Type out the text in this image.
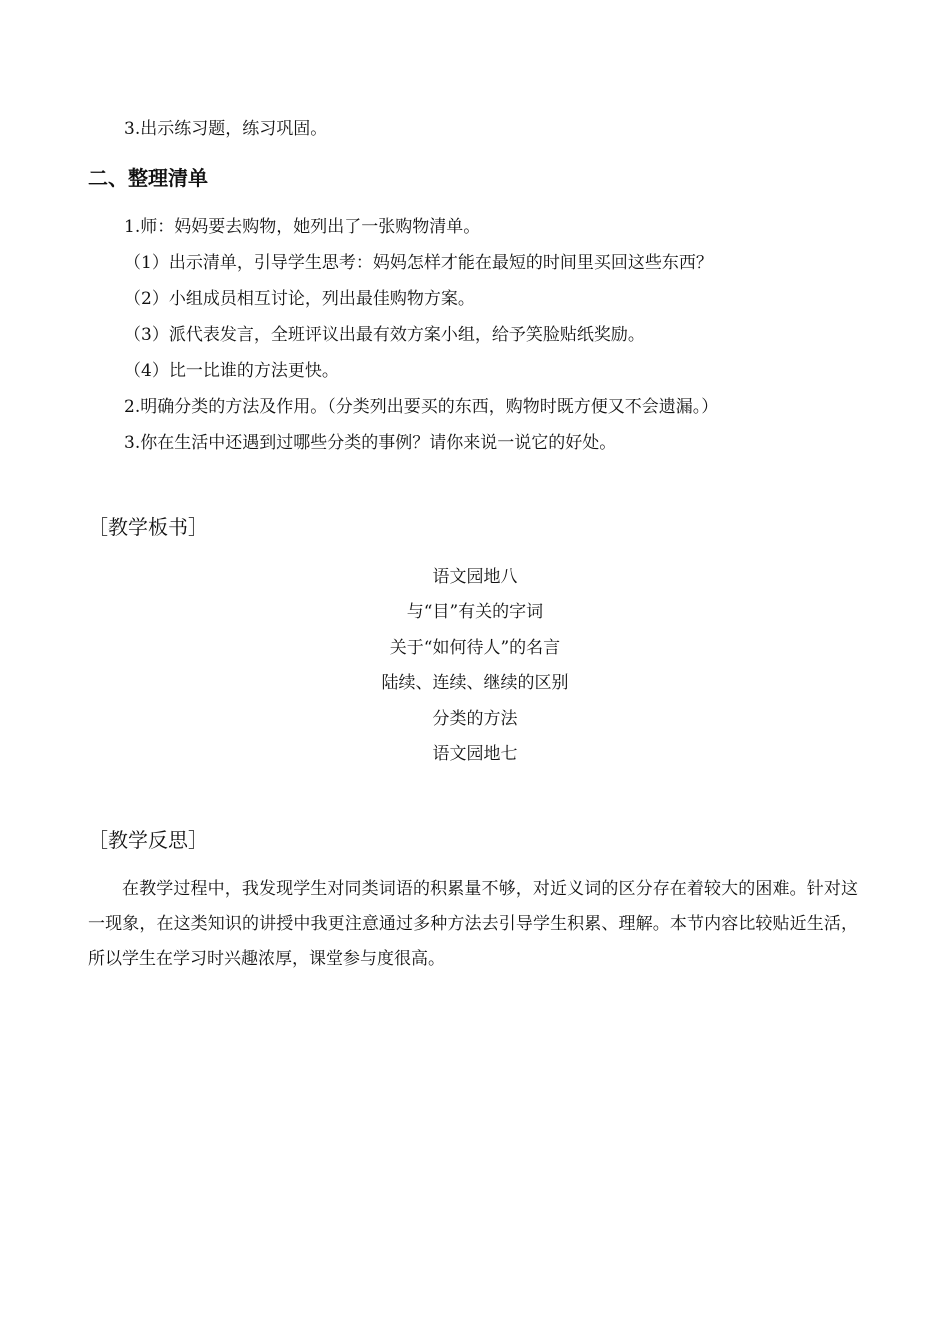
3.出示练习题，练习巩固。
二、整理清单
1.师：妈妈要去购物，她列出了一张购物清单。
（1）出示清单，引导学生思考：妈妈怎样才能在最短的时间里买回这些东西？
（2）小组成员相互讨论，列出最佳购物方案。
（3）派代表发言，全班评议出最有效方案小组，给予笑脸贴纸奖励。
（4）比一比谁的方法更快。
2.明确分类的方法及作用。（分类列出要买的东西，购物时既方便又不会遗漏。）
3.你在生活中还遇到过哪些分类的事例？请你来说一说它的好处。
［教学板书］
语文园地八
与“目”有关的字词
关于“如何待人”的名言
陆续、连续、继续的区别
分类的方法
语文园地七
［教学反思］
在教学过程中，我发现学生对同类词语的积累量不够，对近义词的区分存在着较大的困难。针对这一现象，在这类知识的讲授中我更注意通过多种方法去引导学生积累、理解。本节内容比较贴近生活，所以学生在学习时兴趣浓厚，课堂参与度很高。
